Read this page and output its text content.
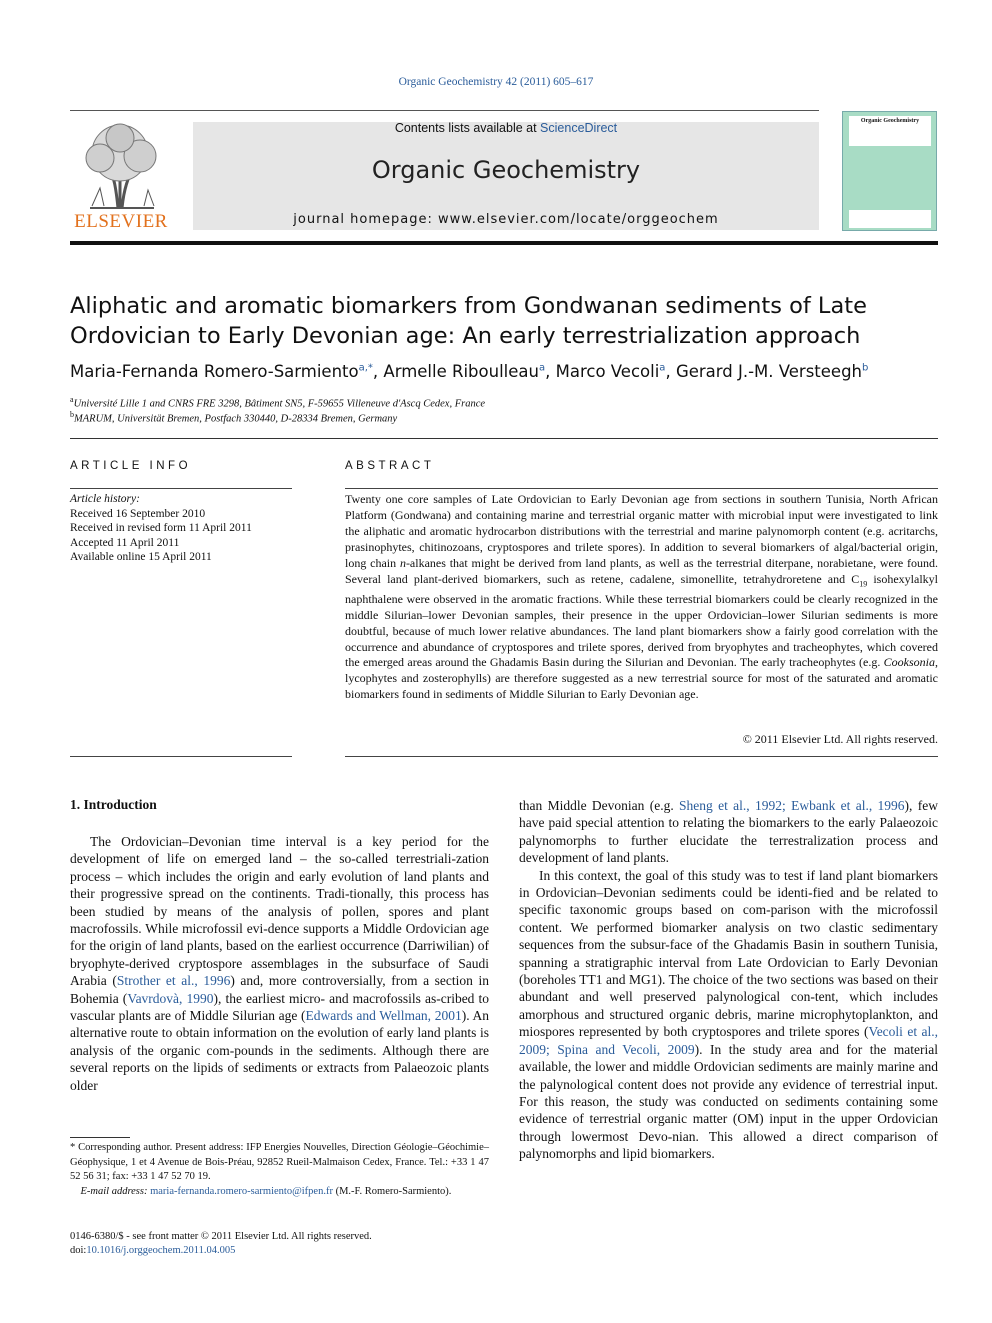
Organic Geochemistry 42 (2011) 605–617
ELSEVIER
Contents lists available at ScienceDirect
Organic Geochemistry
journal homepage: www.elsevier.com/locate/orggeochem
Organic Geochemistry
Aliphatic and aromatic biomarkers from Gondwanan sediments of Late
Ordovician to Early Devonian age: An early terrestrialization approach
Maria-Fernanda Romero-Sarmiento$^{a,*}$, Armelle Riboulleau$^a$, Marco Vecoli$^a$, Gerard J.-M. Versteegh$^b$
$^a$Université Lille 1 and CNRS FRE 3298, Bâtiment SN5, F-59655 Villeneuve d'Ascq Cedex, France
$^b$MARUM, Universität Bremen, Postfach 330440, D-28334 Bremen, Germany
ARTICLE INFO
Article history:
Received 16 September 2010
Received in revised form 11 April 2011
Accepted 11 April 2011
Available online 15 April 2011
ABSTRACT
Twenty one core samples of Late Ordovician to Early Devonian age from sections in southern Tunisia, North African Platform (Gondwana) and containing marine and terrestrial organic matter with microbial input were investigated to link the aliphatic and aromatic hydrocarbon distributions with the terrestrial and marine palynomorph content (e.g. acritarchs, prasinophytes, chitinozoans, cryptospores and trilete spores). In addition to several biomarkers of algal/bacterial origin, long chain n-alkanes that might be derived from land plants, as well as the terrestrial diterpane, norabietane, were found. Several land plant-derived biomarkers, such as retene, cadalene, simonellite, tetrahydroretene and $C_{19}$ isohexylalkyl naphthalene were observed in the aromatic fractions. While these terrestrial biomarkers could be clearly recognized in the middle Silurian–lower Devonian samples, their presence in the upper Ordovician–lower Silurian sediments is more doubtful, because of much lower relative abundances. The land plant biomarkers show a fairly good correlation with the occurrence and abundance of cryptospores and trilete spores, derived from bryophytes and tracheophytes, which covered the emerged areas around the Ghadamis Basin during the Silurian and Devonian. The early tracheophytes (e.g. Cooksonia, lycophytes and zosterophylls) are therefore suggested as a new terrestrial source for most of the saturated and aromatic biomarkers found in sediments of Middle Silurian to Early Devonian age.
© 2011 Elsevier Ltd. All rights reserved.
1. Introduction

The Ordovician–Devonian time interval is a key period for the development of life on emerged land – the so-called terrestriali-zation process – which includes the origin and early evolution of land plants and their progressive spread on the continents. Tradi-tionally, this process has been studied by means of the analysis of pollen, spores and plant macrofossils. While microfossil evi-dence supports a Middle Ordovician age for the origin of land plants, based on the earliest occurrence (Darriwilian) of bryophyte-derived cryptospore assemblages in the subsurface of Saudi Arabia (Strother et al., 1996) and, more controversially, from a section in Bohemia (Vavrdovà, 1990), the earliest micro- and macrofossils as-cribed to vascular plants are of Middle Silurian age (Edwards and Wellman, 2001). An alternative route to obtain information on the evolution of early land plants is analysis of the organic com-pounds in the sediments. Although there are several reports on the lipids of sediments or extracts from Palaeozoic plants older

than Middle Devonian (e.g. Sheng et al., 1992; Ewbank et al., 1996), few have paid special attention to relating the biomarkers to the early Palaeozoic palynomorphs to further elucidate the terrestralization process and development of land plants.

In this context, the goal of this study was to test if land plant biomarkers in Ordovician–Devonian sediments could be identi-fied and be related to specific taxonomic groups based on com-parison with the microfossil content. We performed biomarker analysis on two clastic sedimentary sequences from the subsur-face of the Ghadamis Basin in southern Tunisia, spanning a stratigraphic interval from Late Ordovician to Early Devonian (boreholes TT1 and MG1). The choice of the two sections was based on their abundant and well preserved palynological con-tent, which includes amorphous and structured organic debris, marine microphytoplankton, and miospores represented by both cryptospores and trilete spores (Vecoli et al., 2009; Spina and Vecoli, 2009). In the study area and for the material available, the lower and middle Ordovician sediments are mainly marine and the palynological content does not provide any evidence of terrestrial input. For this reason, the study was conducted on sediments containing some evidence of terrestrial organic matter (OM) input in the upper Ordovician through lowermost Devo-nian. This allowed a direct comparison of palynomorphs and lipid biomarkers.

* Corresponding author. Present address: IFP Energies Nouvelles, Direction Géologie–Géochimie–Géophysique, 1 et 4 Avenue de Bois-Préau, 92852 Rueil-Malmaison Cedex, France. Tel.: +33 1 47 52 56 31; fax: +33 1 47 52 70 19.
E-mail address: maria-fernanda.romero-sarmiento@ifpen.fr (M.-F. Romero-Sarmiento).
0146-6380/$ - see front matter © 2011 Elsevier Ltd. All rights reserved.
doi:10.1016/j.orggeochem.2011.04.005
